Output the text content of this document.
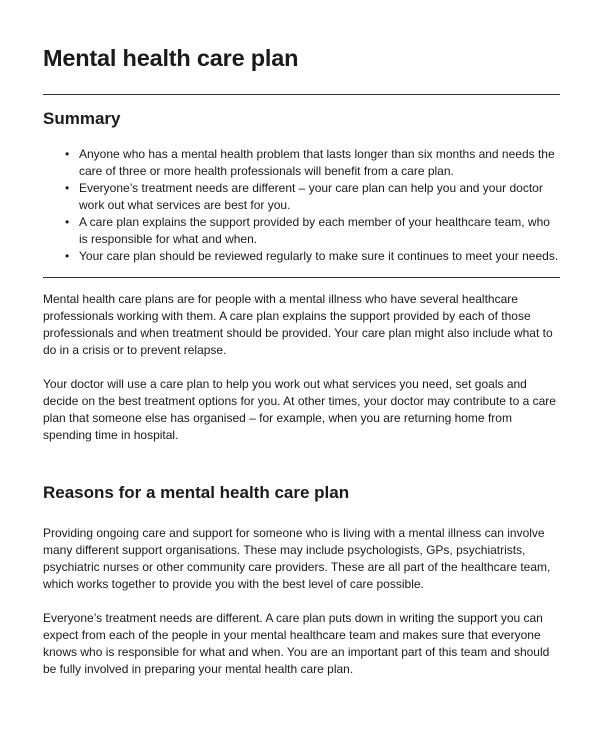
Mental health care plan
Summary
• Anyone who has a mental health problem that lasts longer than six months and needs the care of three or more health professionals will benefit from a care plan.
• Everyone’s treatment needs are different – your care plan can help you and your doctor work out what services are best for you.
• A care plan explains the support provided by each member of your healthcare team, who is responsible for what and when.
• Your care plan should be reviewed regularly to make sure it continues to meet your needs.

Mental health care plans are for people with a mental illness who have several healthcare professionals working with them. A care plan explains the support provided by each of those professionals and when treatment should be provided. Your care plan might also include what to do in a crisis or to prevent relapse.

Your doctor will use a care plan to help you work out what services you need, set goals and decide on the best treatment options for you. At other times, your doctor may contribute to a care plan that someone else has organised – for example, when you are returning home from spending time in hospital.

Reasons for a mental health care plan

Providing ongoing care and support for someone who is living with a mental illness can involve many different support organisations. These may include psychologists, GPs, psychiatrists, psychiatric nurses or other community care providers. These are all part of the healthcare team, which works together to provide you with the best level of care possible.

Everyone’s treatment needs are different. A care plan puts down in writing the support you can expect from each of the people in your mental healthcare team and makes sure that everyone knows who is responsible for what and when. You are an important part of this team and should be fully involved in preparing your mental health care plan.
